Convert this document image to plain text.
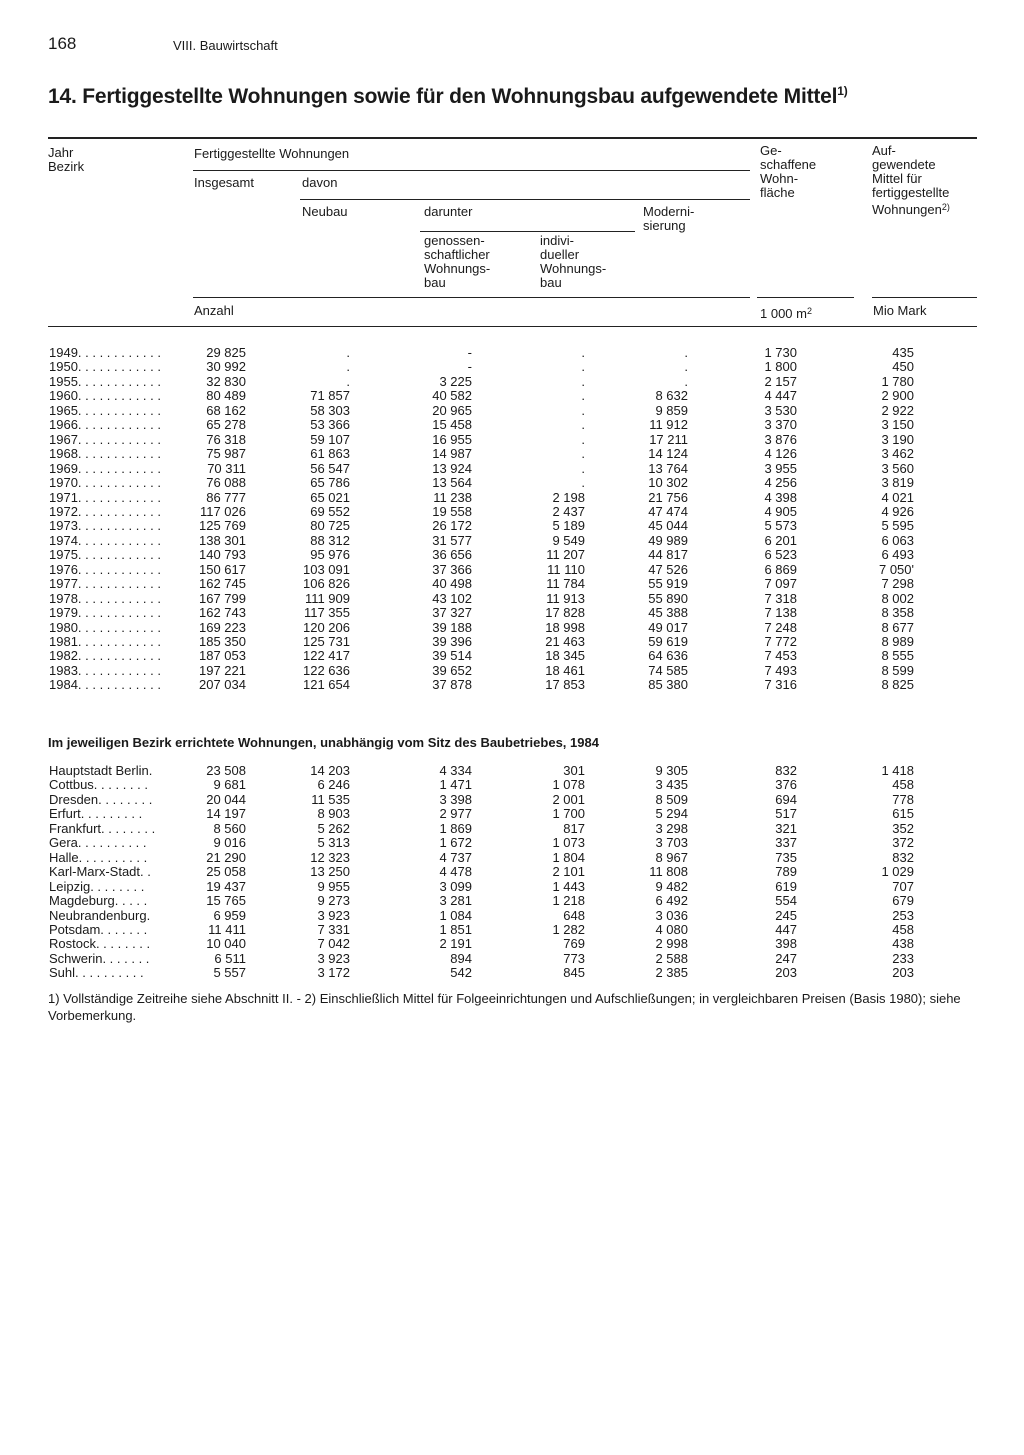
168	VIII. Bauwirtschaft
14. Fertiggestellte Wohnungen sowie für den Wohnungsbau aufgewendete Mittel$^{1)}$
Jahr
Bezirk
Fertiggestellte Wohnungen
Insgesamt	davon
Neubau	darunter	Moderni-
sierung
genossen-
schaftlicher
Wohnungs-
bau
indivi-
dueller
Wohnungs-
bau
Ge-
schaffene
Wohn-
fläche
Auf-
gewendete
Mittel für
fertiggestellte
Wohnungen$^{2)}$
Anzahl	1 000 $m^2$	Mio Mark
1949 . . . . . . . . . . . .	29 825	.	-	.	.	1 730	435
1950 . . . . . . . . . . . .	30 992	.	-	.	.	1 800	450
1955 . . . . . . . . . . . .	32 830	.	3 225	.	.	2 157	1 780
1960 . . . . . . . . . . . .	80 489	71 857	40 582	.	8 632	4 447	2 900
1965 . . . . . . . . . . . .	68 162	58 303	20 965	.	9 859	3 530	2 922
1966 . . . . . . . . . . . .	65 278	53 366	15 458	.	11 912	3 370	3 150
1967 . . . . . . . . . . . .	76 318	59 107	16 955	.	17 211	3 876	3 190
1968 . . . . . . . . . . . .	75 987	61 863	14 987	.	14 124	4 126	3 462
1969 . . . . . . . . . . . .	70 311	56 547	13 924	.	13 764	3 955	3 560
1970 . . . . . . . . . . . .	76 088	65 786	13 564	.	10 302	4 256	3 819
1971 . . . . . . . . . . . .	86 777	65 021	11 238	2 198	21 756	4 398	4 021
1972 . . . . . . . . . . . .	117 026	69 552	19 558	2 437	47 474	4 905	4 926
1973 . . . . . . . . . . . .	125 769	80 725	26 172	5 189	45 044	5 573	5 595
1974 . . . . . . . . . . . .	138 301	88 312	31 577	9 549	49 989	6 201	6 063
1975 . . . . . . . . . . . .	140 793	95 976	36 656	11 207	44 817	6 523	6 493
1976 . . . . . . . . . . . .	150 617	103 091	37 366	11 110	47 526	6 869	7 050'
1977 . . . . . . . . . . . .	162 745	106 826	40 498	11 784	55 919	7 097	7 298
1978 . . . . . . . . . . . .	167 799	111 909	43 102	11 913	55 890	7 318	8 002
1979 . . . . . . . . . . . .	162 743	117 355	37 327	17 828	45 388	7 138	8 358
1980 . . . . . . . . . . . .	169 223	120 206	39 188	18 998	49 017	7 248	8 677
1981 . . . . . . . . . . . .	185 350	125 731	39 396	21 463	59 619	7 772	8 989
1982 . . . . . . . . . . . .	187 053	122 417	39 514	18 345	64 636	7 453	8 555
1983 . . . . . . . . . . . .	197 221	122 636	39 652	18 461	74 585	7 493	8 599
1984 . . . . . . . . . . . .	207 034	121 654	37 878	17 853	85 380	7 316	8 825
Im jeweiligen Bezirk errichtete Wohnungen, unabhängig vom Sitz des Baubetriebes, 1984
Hauptstadt Berlin .	23 508	14 203	4 334	301	9 305	832	1 418
Cottbus . . . . . . . .	9 681	6 246	1 471	1 078	3 435	376	458
Dresden . . . . . . . .	20 044	11 535	3 398	2 001	8 509	694	778
Erfurt . . . . . . . . .	14 197	8 903	2 977	1 700	5 294	517	615
Frankfurt . . . . . . . .	8 560	5 262	1 869	817	3 298	321	352
Gera . . . . . . . . . .	9 016	5 313	1 672	1 073	3 703	337	372
Halle . . . . . . . . . .	21 290	12 323	4 737	1 804	8 967	735	832
Karl-Marx-Stadt . .	25 058	13 250	4 478	2 101	11 808	789	1 029
Leipzig . . . . . . . .	19 437	9 955	3 099	1 443	9 482	619	707
Magdeburg . . . . .	15 765	9 273	3 281	1 218	6 492	554	679
Neubrandenburg .	6 959	3 923	1 084	648	3 036	245	253
Potsdam . . . . . . .	11 411	7 331	1 851	1 282	4 080	447	458
Rostock . . . . . . . .	10 040	7 042	2 191	769	2 998	398	438
Schwerin . . . . . . .	6 511	3 923	894	773	2 588	247	233
Suhl . . . . . . . . . .	5 557	3 172	542	845	2 385	203	203
1) Vollständige Zeitreihe siehe Abschnitt II. - 2) Einschließlich Mittel für Folgeeinrichtungen und Aufschließungen; in vergleichbaren Preisen (Basis 1980); siehe Vorbemerkung.
